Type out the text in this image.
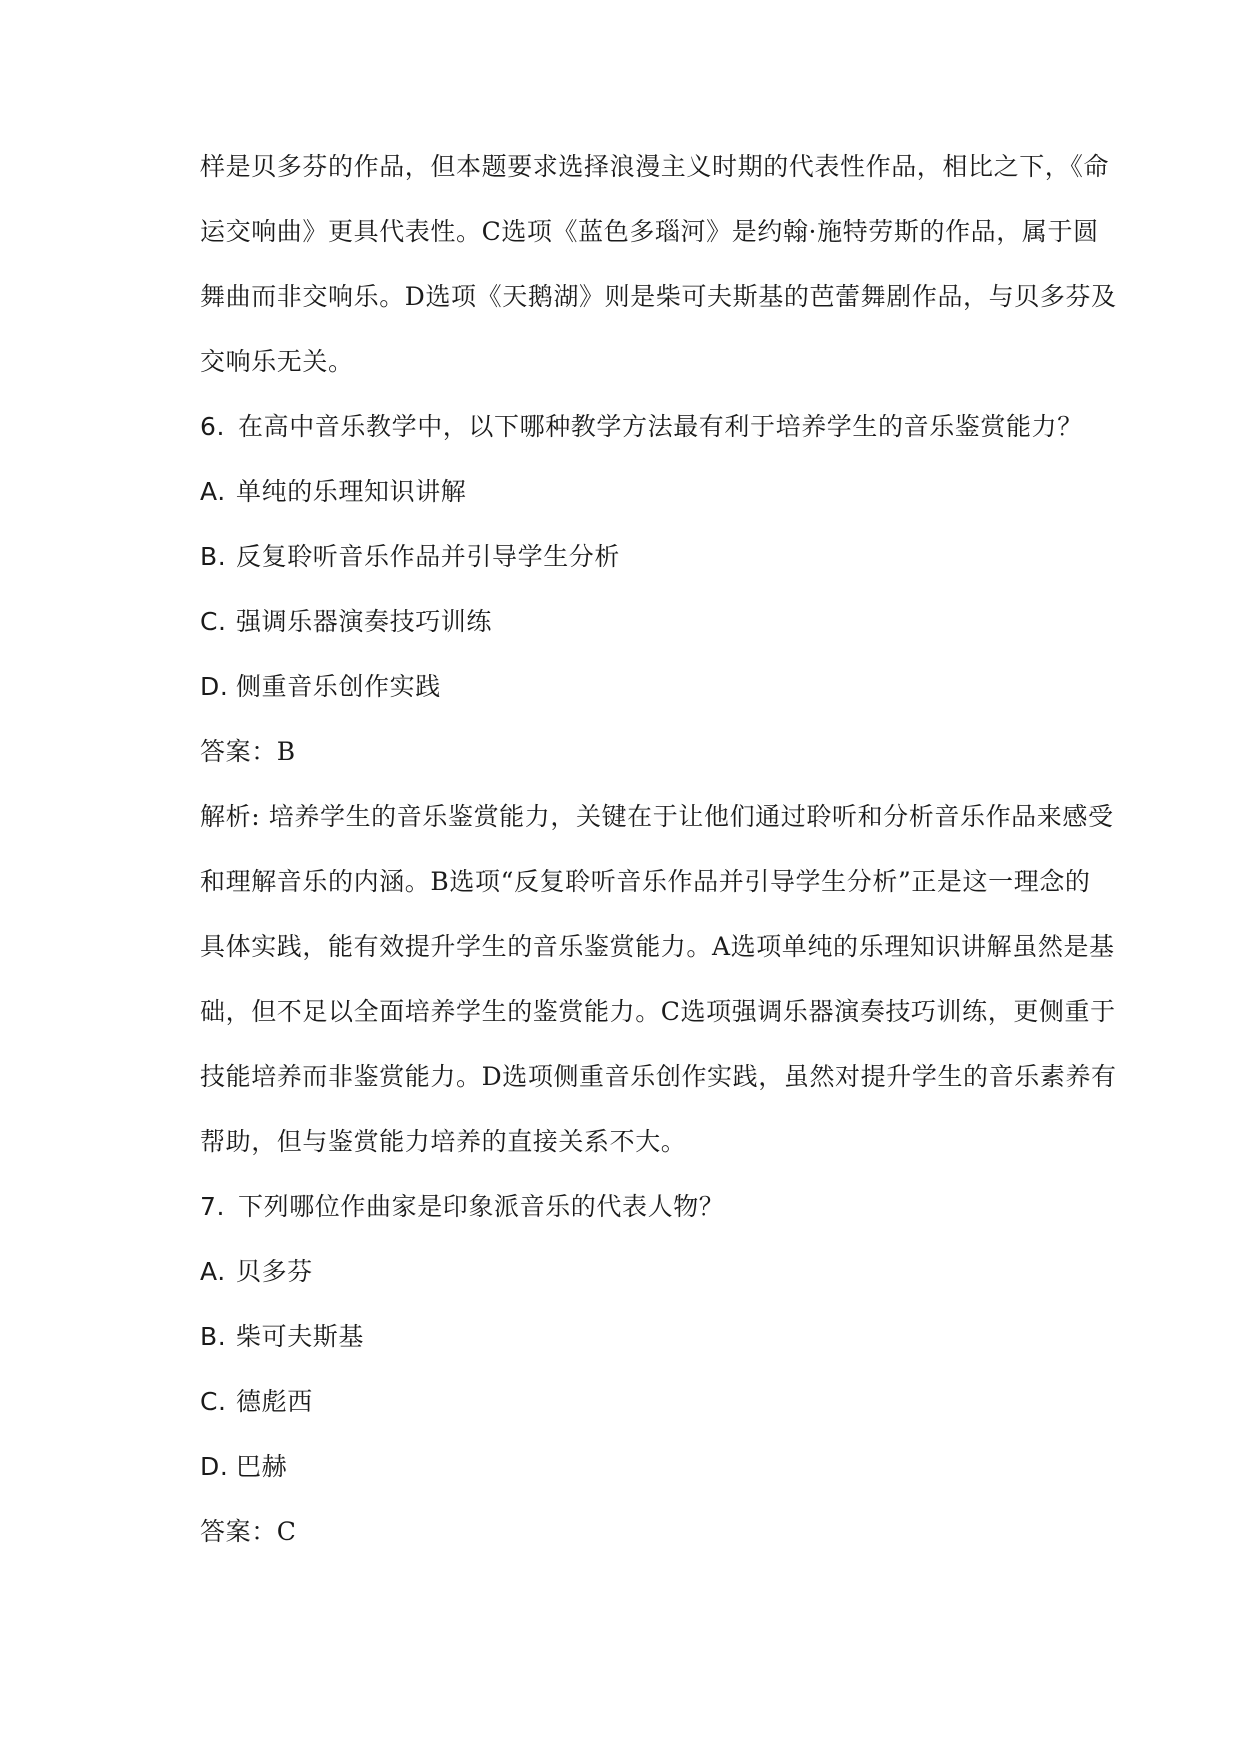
样是贝多芬的作品，但本题要求选择浪漫主义时期的代表性作品，相比之下，《命
运交响曲》更具代表性。C选项《蓝色多瑙河》是约翰·施特劳斯的作品，属于圆
舞曲而非交响乐。D选项《天鹅湖》则是柴可夫斯基的芭蕾舞剧作品，与贝多芬及
交响乐无关。
6. 在高中音乐教学中，以下哪种教学方法最有利于培养学生的音乐鉴赏能力？
A. 单纯的乐理知识讲解
B. 反复聆听音乐作品并引导学生分析
C. 强调乐器演奏技巧训练
D. 侧重音乐创作实践
答案：B
解析: 培养学生的音乐鉴赏能力，关键在于让他们通过聆听和分析音乐作品来感受
和理解音乐的内涵。B选项“反复聆听音乐作品并引导学生分析”正是这一理念的
具体实践，能有效提升学生的音乐鉴赏能力。A选项单纯的乐理知识讲解虽然是基
础，但不足以全面培养学生的鉴赏能力。C选项强调乐器演奏技巧训练，更侧重于
技能培养而非鉴赏能力。D选项侧重音乐创作实践，虽然对提升学生的音乐素养有
帮助，但与鉴赏能力培养的直接关系不大。
7. 下列哪位作曲家是印象派音乐的代表人物？
A. 贝多芬
B. 柴可夫斯基
C. 德彪西
D. 巴赫
答案：C
